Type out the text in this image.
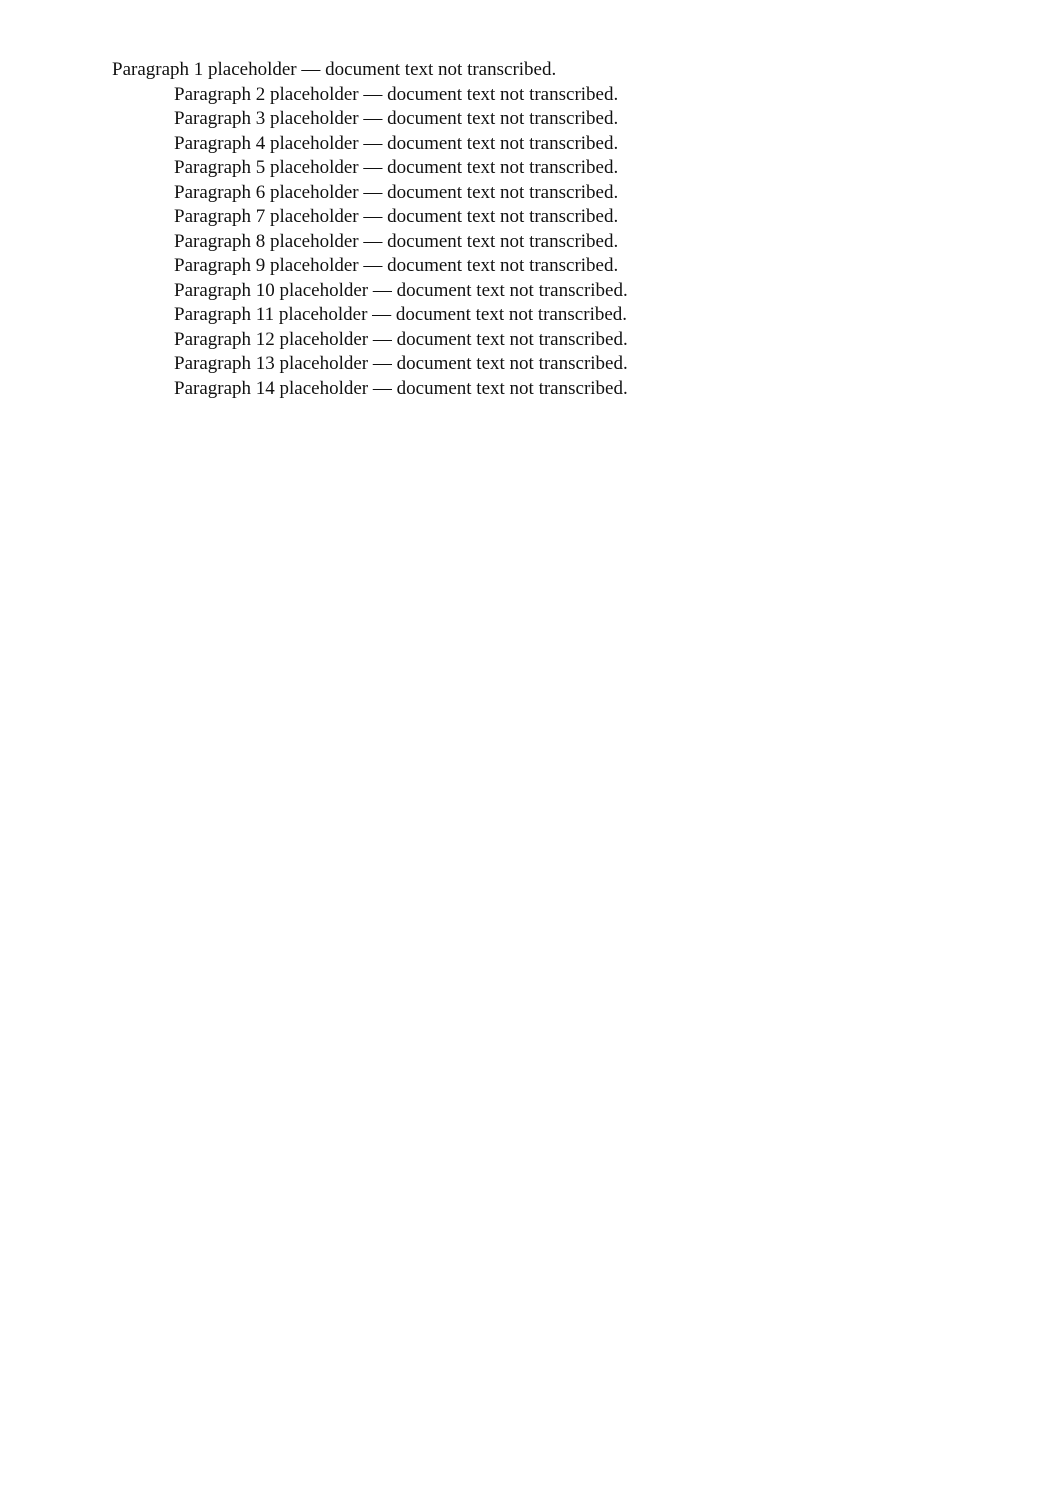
Paragraph 1 placeholder — document text not transcribed.

Paragraph 2 placeholder — document text not transcribed.

Paragraph 3 placeholder — document text not transcribed.

Paragraph 4 placeholder — document text not transcribed.

Paragraph 5 placeholder — document text not transcribed.

Paragraph 6 placeholder — document text not transcribed.

Paragraph 7 placeholder — document text not transcribed.

Paragraph 8 placeholder — document text not transcribed.

Paragraph 9 placeholder — document text not transcribed.

Paragraph 10 placeholder — document text not transcribed.

Paragraph 11 placeholder — document text not transcribed.

Paragraph 12 placeholder — document text not transcribed.

Paragraph 13 placeholder — document text not transcribed.

Paragraph 14 placeholder — document text not transcribed.
